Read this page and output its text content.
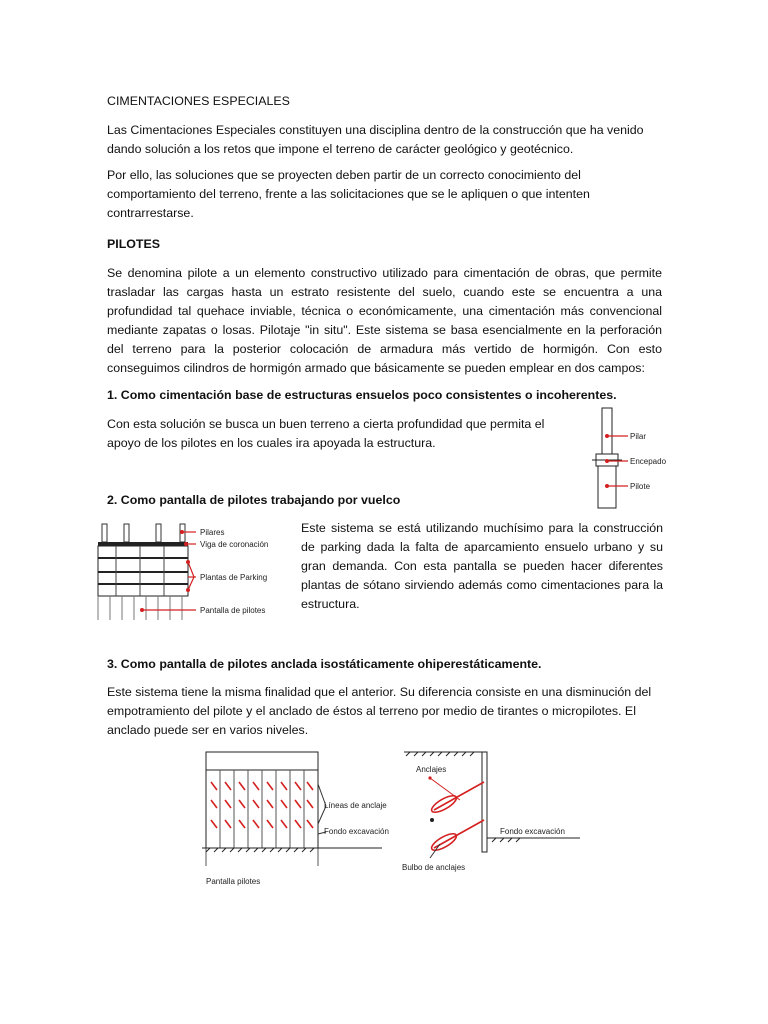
CIMENTACIONES ESPECIALES

Las Cimentaciones Especiales constituyen una disciplina dentro de la construcción que ha venido dando solución a los retos que impone el terreno de carácter geológico y geotécnico.

Por ello, las soluciones que se proyecten deben partir de un correcto conocimiento del comportamiento del terreno, frente a las solicitaciones que se le apliquen o que intenten contrarrestarse.

PILOTES

Se denomina pilote a un elemento constructivo utilizado para cimentación de obras, que permite trasladar las cargas hasta un estrato resistente del suelo, cuando este se encuentra a una profundidad tal quehace inviable, técnica o económicamente, una cimentación más convencional mediante zapatas o losas. Pilotaje "in situ". Este sistema se basa esencialmente en la perforación del terreno para la posterior colocación de armadura más vertido de hormigón. Con esto conseguimos cilindros de hormigón armado que básicamente se pueden emplear en dos campos:

1. Como cimentación base de estructuras ensuelos poco consistentes o incoherentes.

Con esta solución se busca un buen terreno a cierta profundidad que permita el apoyo de los pilotes en los cuales ira apoyada la estructura.	Pilar
Encepado
Pilote

2. Como pantalla de pilotes trabajando por vuelco

Pilares
Viga de coronación
Plantas de Parking
Pantalla de pilotes

Este sistema se está utilizando muchísimo para la construcción de parking dada la falta de aparcamiento ensuelo urbano y su gran demanda. Con esta pantalla se pueden hacer diferentes plantas de sótano sirviendo además como cimentaciones para la estructura.

3. Como pantalla de pilotes anclada isostáticamente ohiperestáticamente.

Este sistema tiene la misma finalidad que el anterior. Su diferencia consiste en una disminución del empotramiento del pilote y el anclado de éstos al terreno por medio de tirantes o micropilotes. El anclado puede ser en varios niveles.

Líneas de anclaje
Fondo excavación
Pantalla pilotes
Anclajes
Fondo excavación
Bulbo de anclajes
